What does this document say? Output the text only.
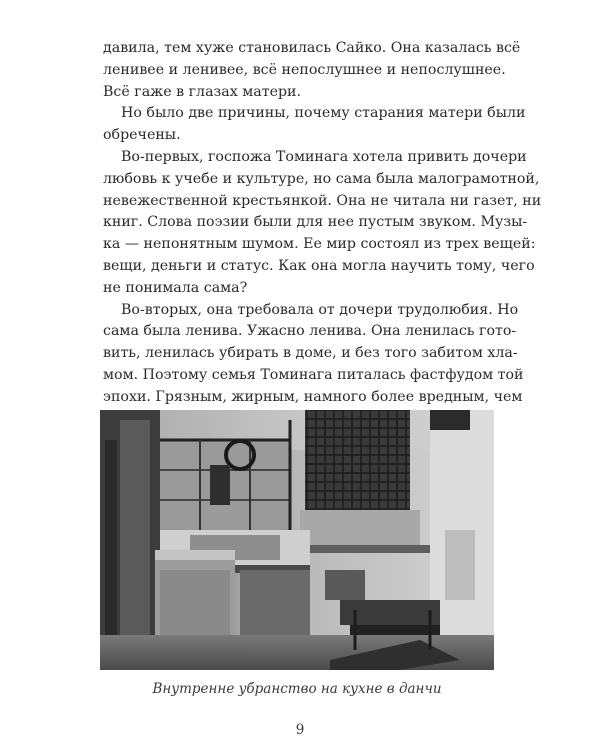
давила, тем хуже становилась Сайко. Она казалась всё
ленивее и ленивее, всё непослушнее и непослушнее.
Всё гаже в глазах матери.
Но было две причины, почему старания матери были
обречены.
Во-первых, госпожа Томинага хотела привить дочери
любовь к учебе и культуре, но сама была малограмотной,
невежественной крестьянкой. Она не читала ни газет, ни
книг. Слова поэзии были для нее пустым звуком. Музы-
ка — непонятным шумом. Ее мир состоял из трех вещей:
вещи, деньги и статус. Как она могла научить тому, чего
не понимала сама?
Во-вторых, она требовала от дочери трудолюбия. Но
сама была ленива. Ужасно ленива. Она ленилась гото-
вить, ленилась убирать в доме, и без того забитом хла-
мом. Поэтому семья Томинага питалась фастфудом той
эпохи. Грязным, жирным, намного более вредным, чем
Внутренне убранство на кухне в данчи
9
